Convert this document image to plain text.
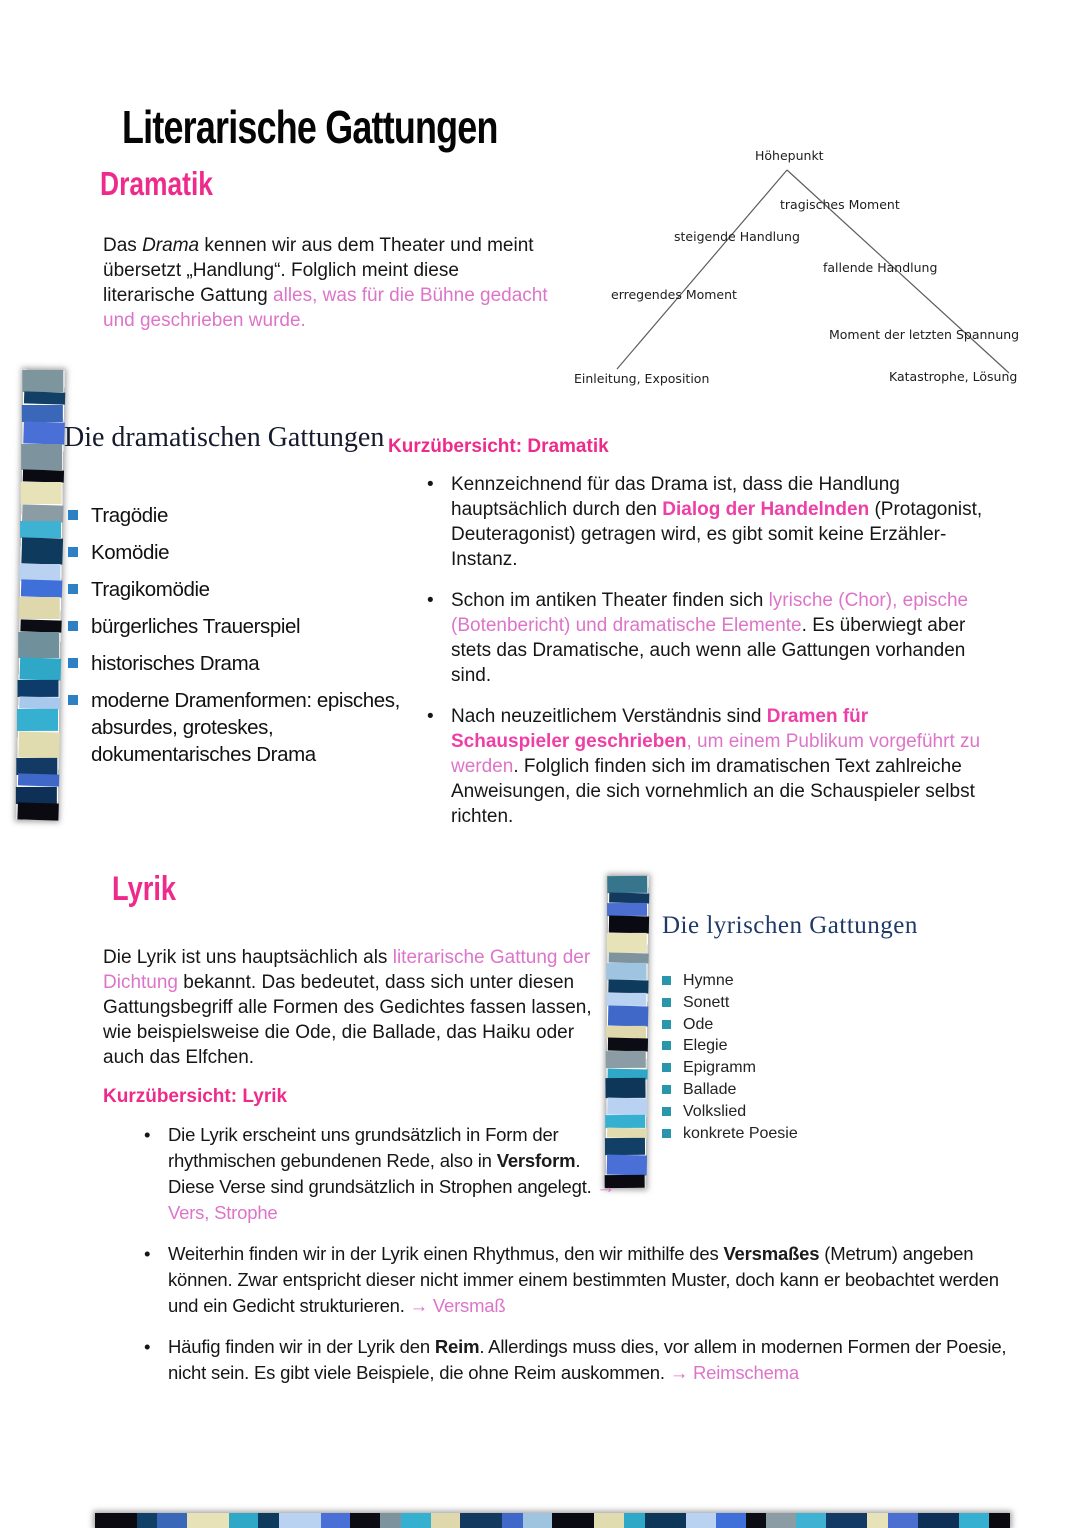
Literarische Gattungen
Dramatik

Das Drama kennen wir aus dem Theater und meint übersetzt „Handlung“. Folglich meint diese literarische Gattung alles, was für die Bühne gedacht und geschrieben wurde.

Höhepunkt
tragisches Moment
steigende Handlung
fallende Handlung
erregendes Moment
Moment der letzten Spannung
Einleitung, Exposition	Katastrophe, Lösung
Die dramatischen Gattungen
Tragödie
Komödie
Tragikomödie
bürgerliches Trauerspiel
historisches Drama
moderne Dramenformen: episches, absurdes, groteskes, dokumentarisches Drama
Kurzübersicht: Dramatik
• Kennzeichnend für das Drama ist, dass die Handlung hauptsächlich durch den Dialog der Handelnden (Protagonist, Deuteragonist) getragen wird, es gibt somit keine Erzähler-Instanz.
• Schon im antiken Theater finden sich lyrische (Chor), epische (Botenbericht) und dramatische Elemente. Es überwiegt aber stets das Dramatische, auch wenn alle Gattungen vorhanden sind.
• Nach neuzeitlichem Verständnis sind Dramen für Schauspieler geschrieben, um einem Publikum vorgeführt zu werden. Folglich finden sich im dramatischen Text zahlreiche Anweisungen, die sich vornehmlich an die Schauspieler selbst richten.
Lyrik

Die Lyrik ist uns hauptsächlich als literarische Gattung der Dichtung bekannt. Das bedeutet, dass sich unter diesen Gattungsbegriff alle Formen des Gedichtes fassen lassen, wie beispielsweise die Ode, die Ballade, das Haiku oder auch das Elfchen.

Die lyrischen Gattungen
Hymne
Sonett
Ode
Elegie
Epigramm
Ballade
Volkslied
konkrete Poesie
Kurzübersicht: Lyrik
• Die Lyrik erscheint uns grundsätzlich in Form der rhythmischen gebundenen Rede, also in Versform. Diese Verse sind grundsätzlich in Strophen angelegt. → Vers, Strophe
• Weiterhin finden wir in der Lyrik einen Rhythmus, den wir mithilfe des Versmaßes (Metrum) angeben können. Zwar entspricht dieser nicht immer einem bestimmten Muster, doch kann er beobachtet werden und ein Gedicht strukturieren. → Versmaß
• Häufig finden wir in der Lyrik den Reim. Allerdings muss dies, vor allem in modernen Formen der Poesie, nicht sein. Es gibt viele Beispiele, die ohne Reim auskommen. → Reimschema
